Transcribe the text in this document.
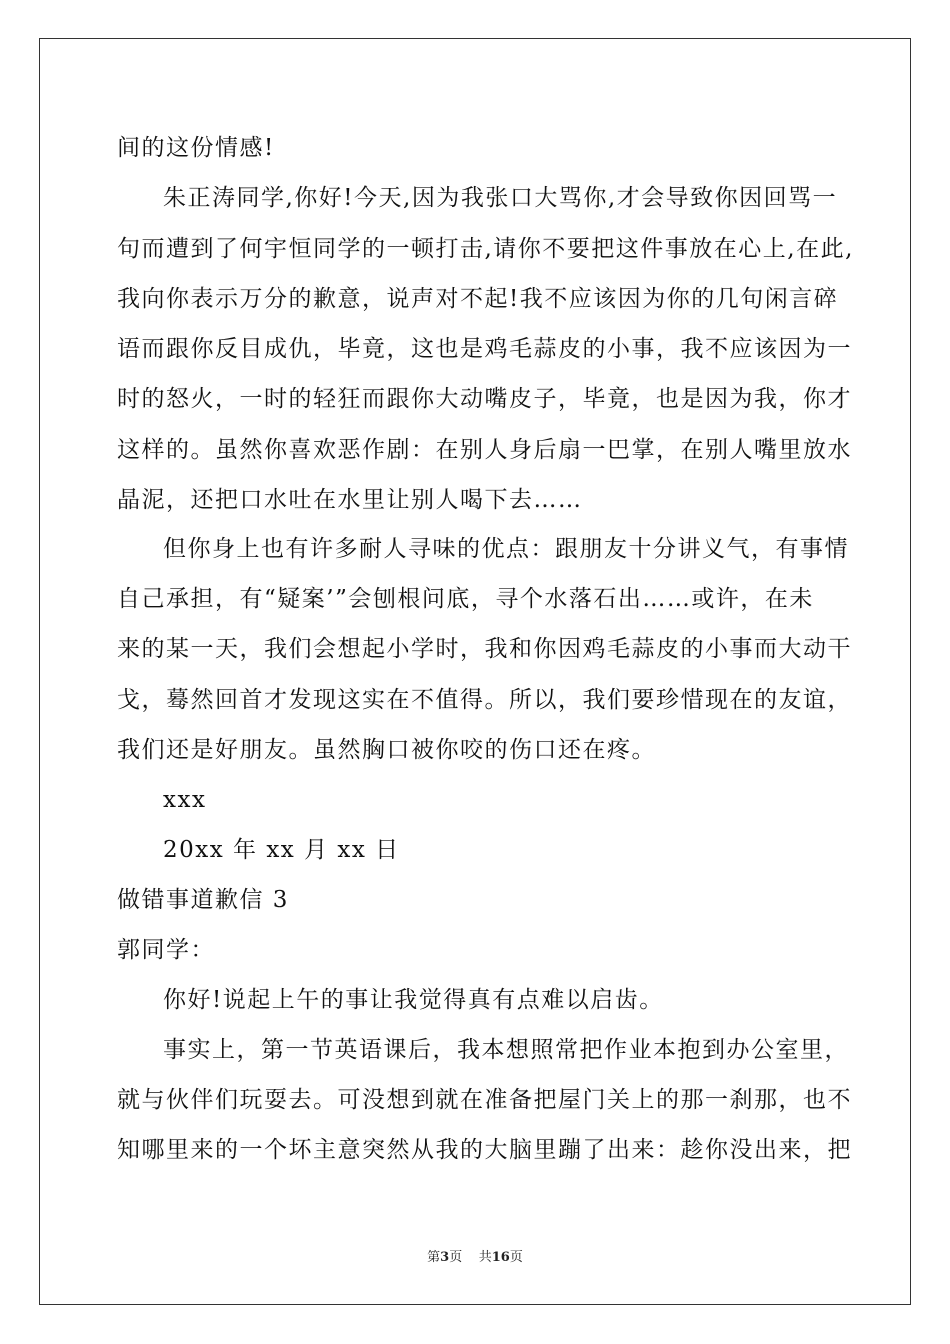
间的这份情感!
朱正涛同学,你好!今天,因为我张口大骂你,才会导致你因回骂一
句而遭到了何宇恒同学的一顿打击,请你不要把这件事放在心上,在此,
我向你表示万分的歉意，说声对不起!我不应该因为你的几句闲言碎
语而跟你反目成仇，毕竟，这也是鸡毛蒜皮的小事，我不应该因为一
时的怒火，一时的轻狂而跟你大动嘴皮子，毕竟，也是因为我，你才
这样的。虽然你喜欢恶作剧：在别人身后扇一巴掌，在别人嘴里放水
晶泥，还把口水吐在水里让别人喝下去……
但你身上也有许多耐人寻味的优点：跟朋友十分讲义气，有事情
自己承担，有“疑案’”会刨根问底，寻个水落石出……或许，在未
来的某一天，我们会想起小学时，我和你因鸡毛蒜皮的小事而大动干
戈，蓦然回首才发现这实在不值得。所以，我们要珍惜现在的友谊，
我们还是好朋友。虽然胸口被你咬的伤口还在疼。
xxx
20xx 年 xx 月 xx 日
做错事道歉信 3
郭同学：
你好!说起上午的事让我觉得真有点难以启齿。
事实上，第一节英语课后，我本想照常把作业本抱到办公室里，
就与伙伴们玩耍去。可没想到就在准备把屋门关上的那一刹那，也不
知哪里来的一个坏主意突然从我的大脑里蹦了出来：趁你没出来，把
第3页 共16页
